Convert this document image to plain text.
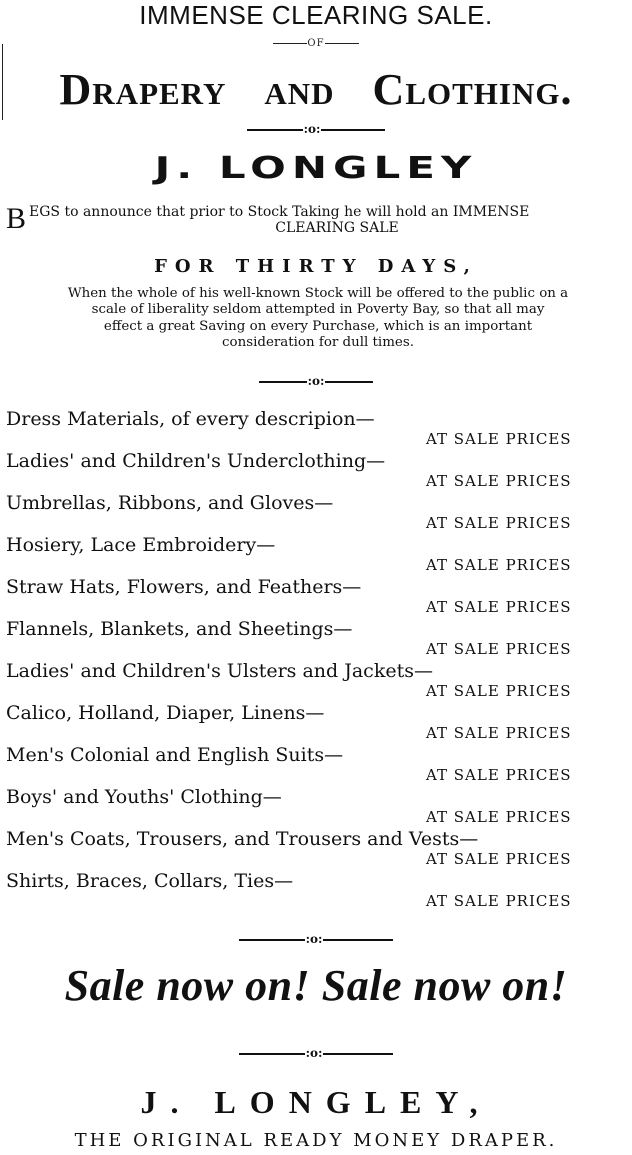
IMMENSE CLEARING SALE.
OF
Drapery and Clothing.
:o:
J. LONGLEY
B EGS to announce that prior to Stock Taking he will hold an IMMENSE
CLEARING SALE
FOR THIRTY DAYS,
When the whole of his well-known Stock will be offered to the public on a
scale of liberality seldom attempted in Poverty Bay, so that all may
effect a great Saving on every Purchase, which is an important
consideration for dull times.
:o:
Dress Materials, of every descripion—
AT SALE PRICES
Ladies' and Children's Underclothing—
AT SALE PRICES
Umbrellas, Ribbons, and Gloves—
AT SALE PRICES
Hosiery, Lace Embroidery—
AT SALE PRICES
Straw Hats, Flowers, and Feathers—
AT SALE PRICES
Flannels, Blankets, and Sheetings—
AT SALE PRICES
Ladies' and Children's Ulsters and Jackets—
AT SALE PRICES
Calico, Holland, Diaper, Linens—
AT SALE PRICES
Men's Colonial and English Suits—
AT SALE PRICES
Boys' and Youths' Clothing—
AT SALE PRICES
Men's Coats, Trousers, and Trousers and Vests—
AT SALE PRICES
Shirts, Braces, Collars, Ties—
AT SALE PRICES
:o:
Sale now on! Sale now on!
:o:
J. LONGLEY,
THE ORIGINAL READY MONEY DRAPER.
